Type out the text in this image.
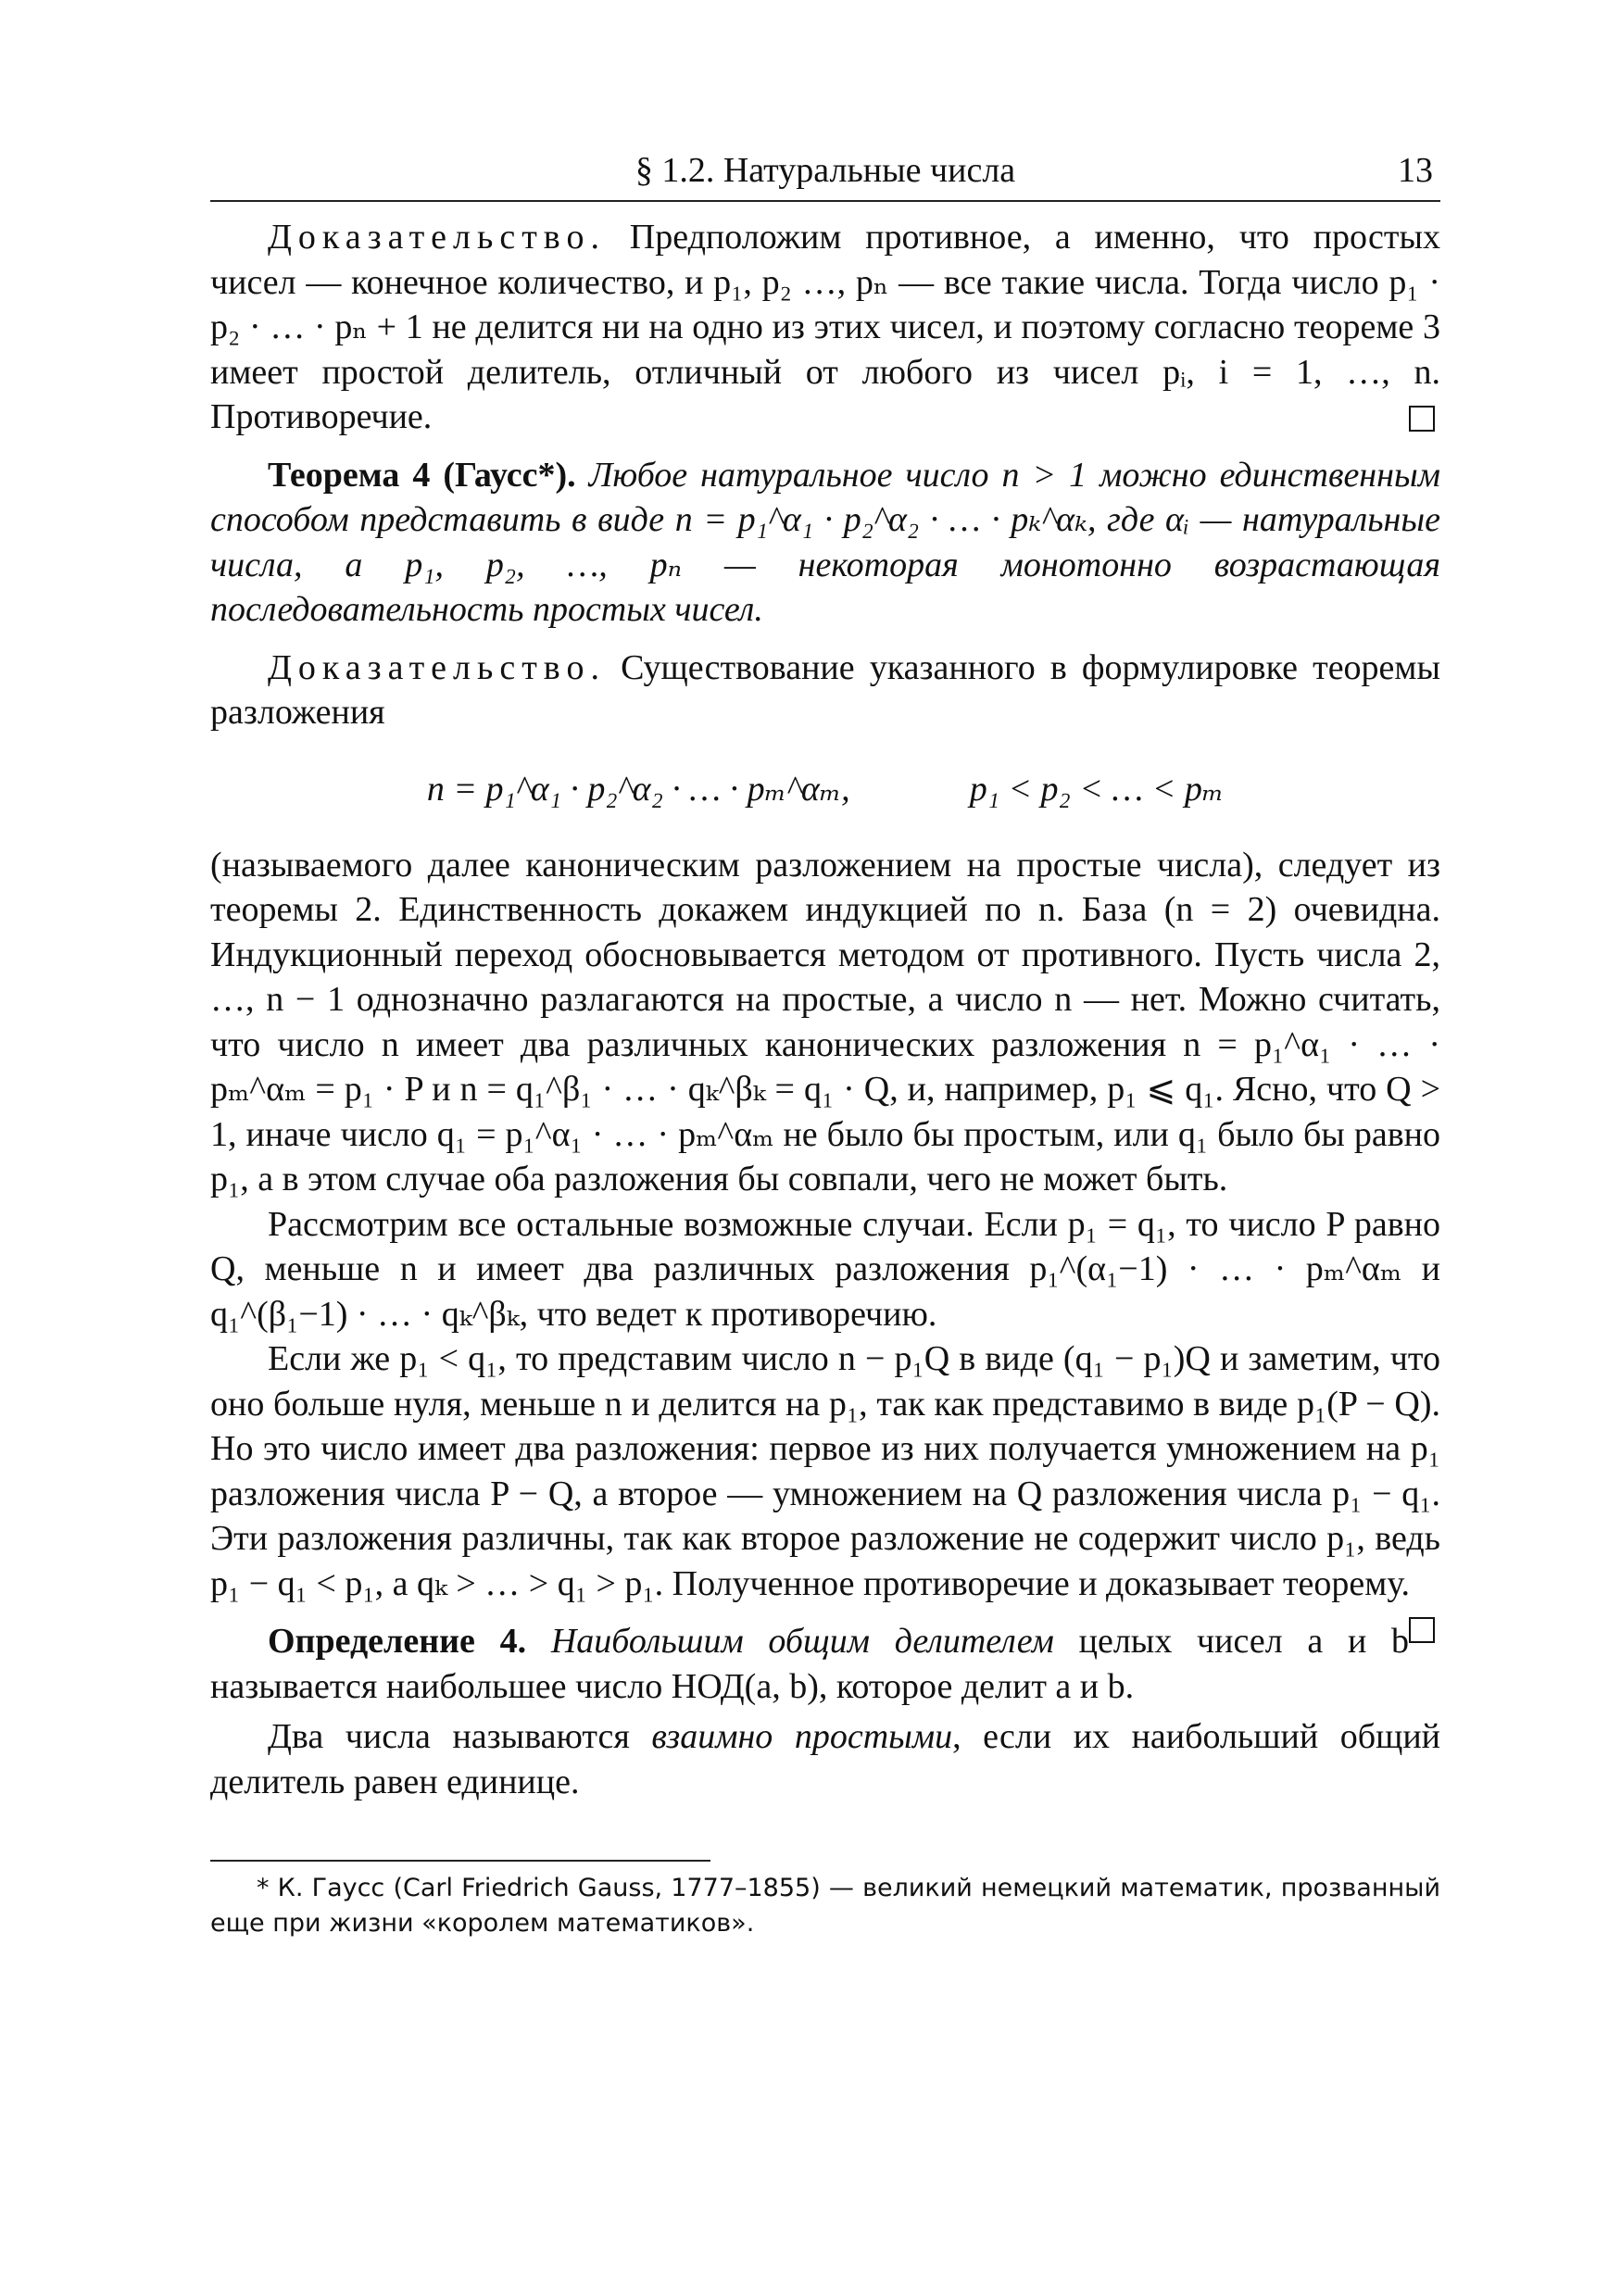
§ 1.2. Натуральные числа	13

Доказательство. Предположим противное, а именно, что простых чисел — конечное количество, и p₁, p₂ …, pₙ — все такие числа. Тогда число p₁ · p₂ · … · pₙ + 1 не делится ни на одно из этих чисел, и поэтому согласно теореме 3 имеет простой делитель, отличный от любого из чисел pᵢ, i = 1, …, n. Противоречие.

Теорема 4 (Гаусс*). Любое натуральное число n > 1 можно единственным способом представить в виде n = p₁^α₁ · p₂^α₂ · … · pₖ^αₖ, где αᵢ — натуральные числа, а p₁, p₂, …, pₙ — некоторая монотонно возрастающая последовательность простых чисел.

Доказательство. Существование указанного в формулировке теоремы разложения

n = p₁^α₁ · p₂^α₂ · … · pₘ^αₘ,	p₁ < p₂ < … < pₘ

(называемого далее каноническим разложением на простые числа), следует из теоремы 2. Единственность докажем индукцией по n. База (n = 2) очевидна. Индукционный переход обосновывается методом от противного. Пусть числа 2, …, n − 1 однозначно разлагаются на простые, а число n — нет. Можно считать, что число n имеет два различных канонических разложения n = p₁^α₁ · … · pₘ^αₘ = p₁ · P и n = q₁^β₁ · … · qₖ^βₖ = q₁ · Q, и, например, p₁ ⩽ q₁. Ясно, что Q > 1, иначе число q₁ = p₁^α₁ · … · pₘ^αₘ не было бы простым, или q₁ было бы равно p₁, а в этом случае оба разложения бы совпали, чего не может быть.

Рассмотрим все остальные возможные случаи. Если p₁ = q₁, то число P равно Q, меньше n и имеет два различных разложения p₁^(α₁−1) · … · pₘ^αₘ и q₁^(β₁−1) · … · qₖ^βₖ, что ведет к противоречию.

Если же p₁ < q₁, то представим число n − p₁Q в виде (q₁ − p₁)Q и заметим, что оно больше нуля, меньше n и делится на p₁, так как представимо в виде p₁(P − Q). Но это число имеет два разложения: первое из них получается умножением на p₁ разложения числа P − Q, а второе — умножением на Q разложения числа p₁ − q₁. Эти разложения различны, так как второе разложение не содержит число p₁, ведь p₁ − q₁ < p₁, а qₖ > … > q₁ > p₁. Полученное противоречие и доказывает теорему.

Определение 4. Наибольшим общим делителем целых чисел a и b называется наибольшее число НОД(a, b), которое делит a и b.

Два числа называются взаимно простыми, если их наибольший общий делитель равен единице.

* К. Гаусс (Carl Friedrich Gauss, 1777–1855) — великий немецкий математик, прозванный еще при жизни «королем математиков».
